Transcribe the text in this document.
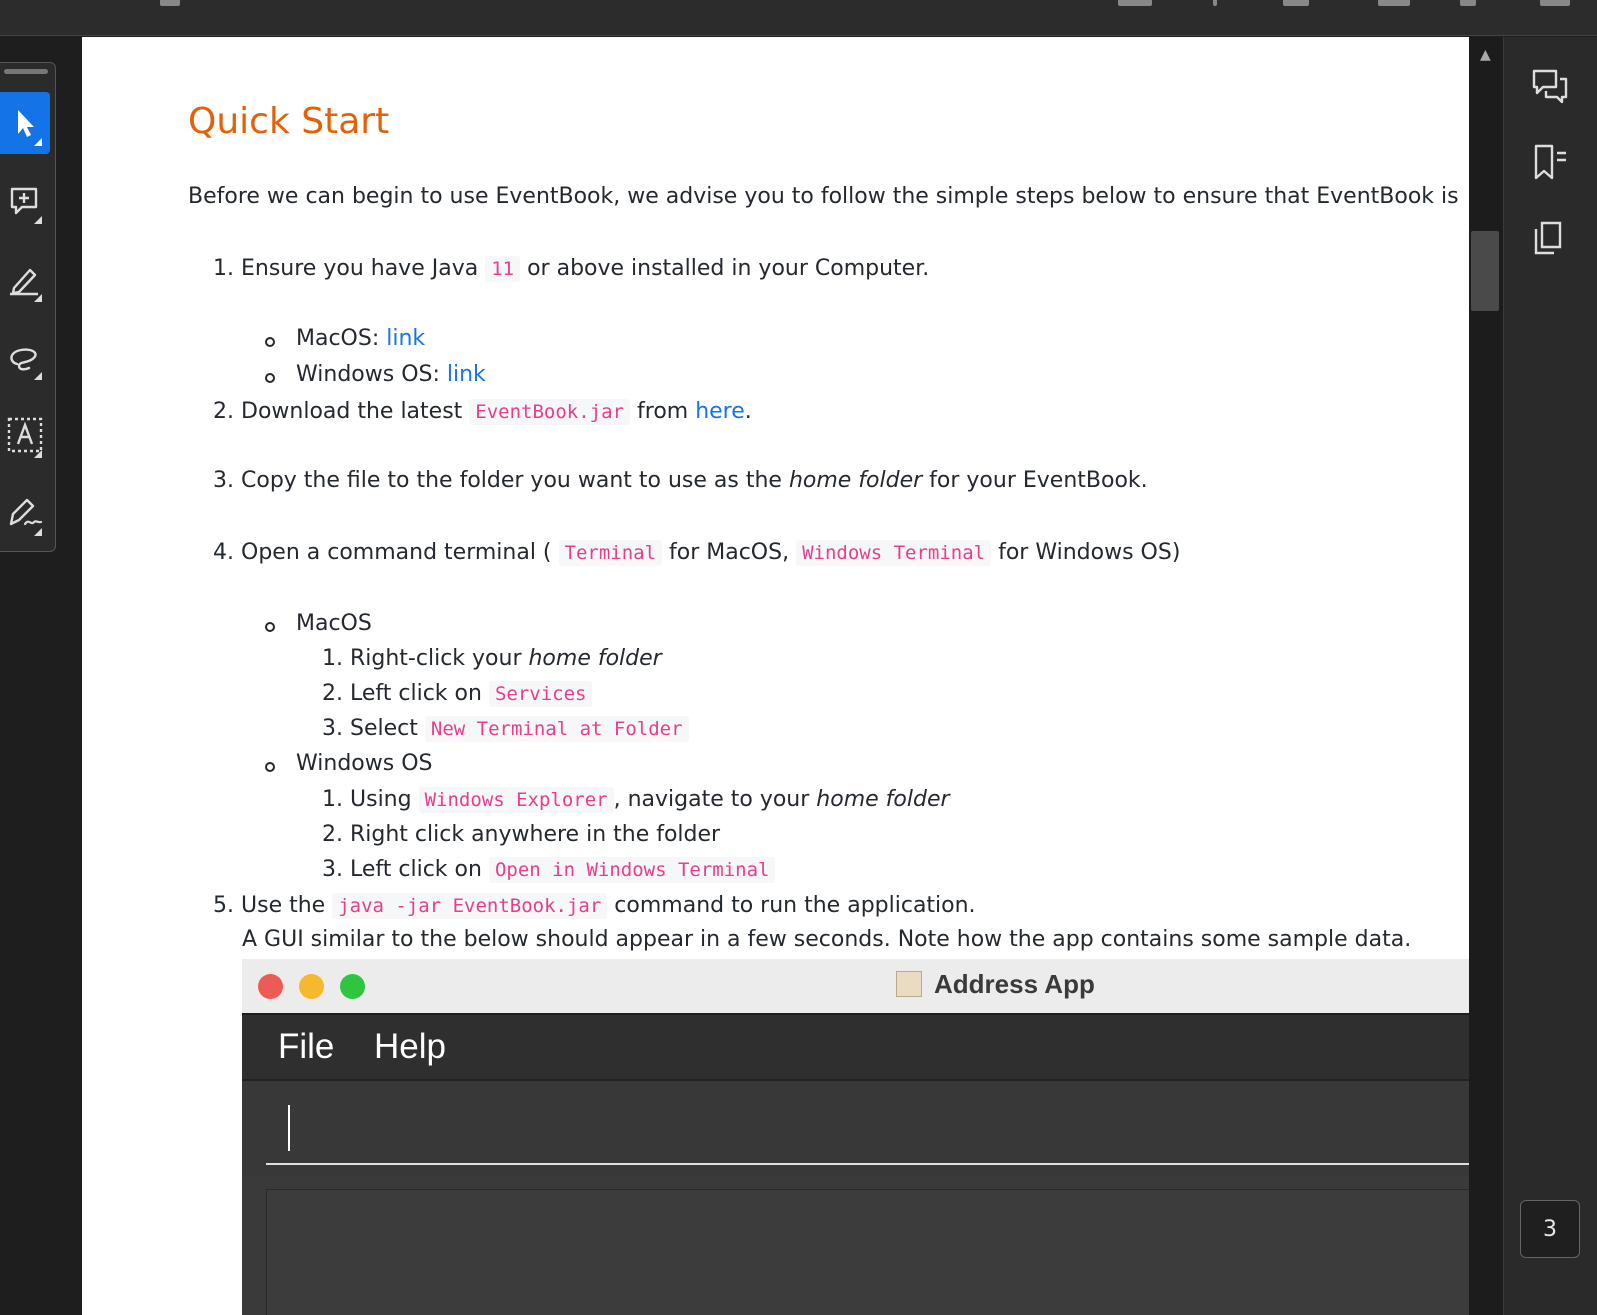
Quick Start
Before we can begin to use EventBook, we advise you to follow the simple steps below to ensure that EventBook is
1. Ensure you have Java 11 or above installed in your Computer.
MacOS: link
Windows OS: link
2. Download the latest EventBook.jar from here.
3. Copy the file to the folder you want to use as the home folder for your EventBook.
4. Open a command terminal ( Terminal for MacOS, Windows Terminal for Windows OS)
MacOS
1. Right-click your home folder
2. Left click on Services
3. Select New Terminal at Folder
Windows OS
1. Using Windows Explorer , navigate to your home folder
2. Right click anywhere in the folder
3. Left click on Open in Windows Terminal
5. Use the java -jar EventBook.jar command to run the application.
A GUI similar to the below should appear in a few seconds. Note how the app contains some sample data.
Address App
File Help
▲
3
